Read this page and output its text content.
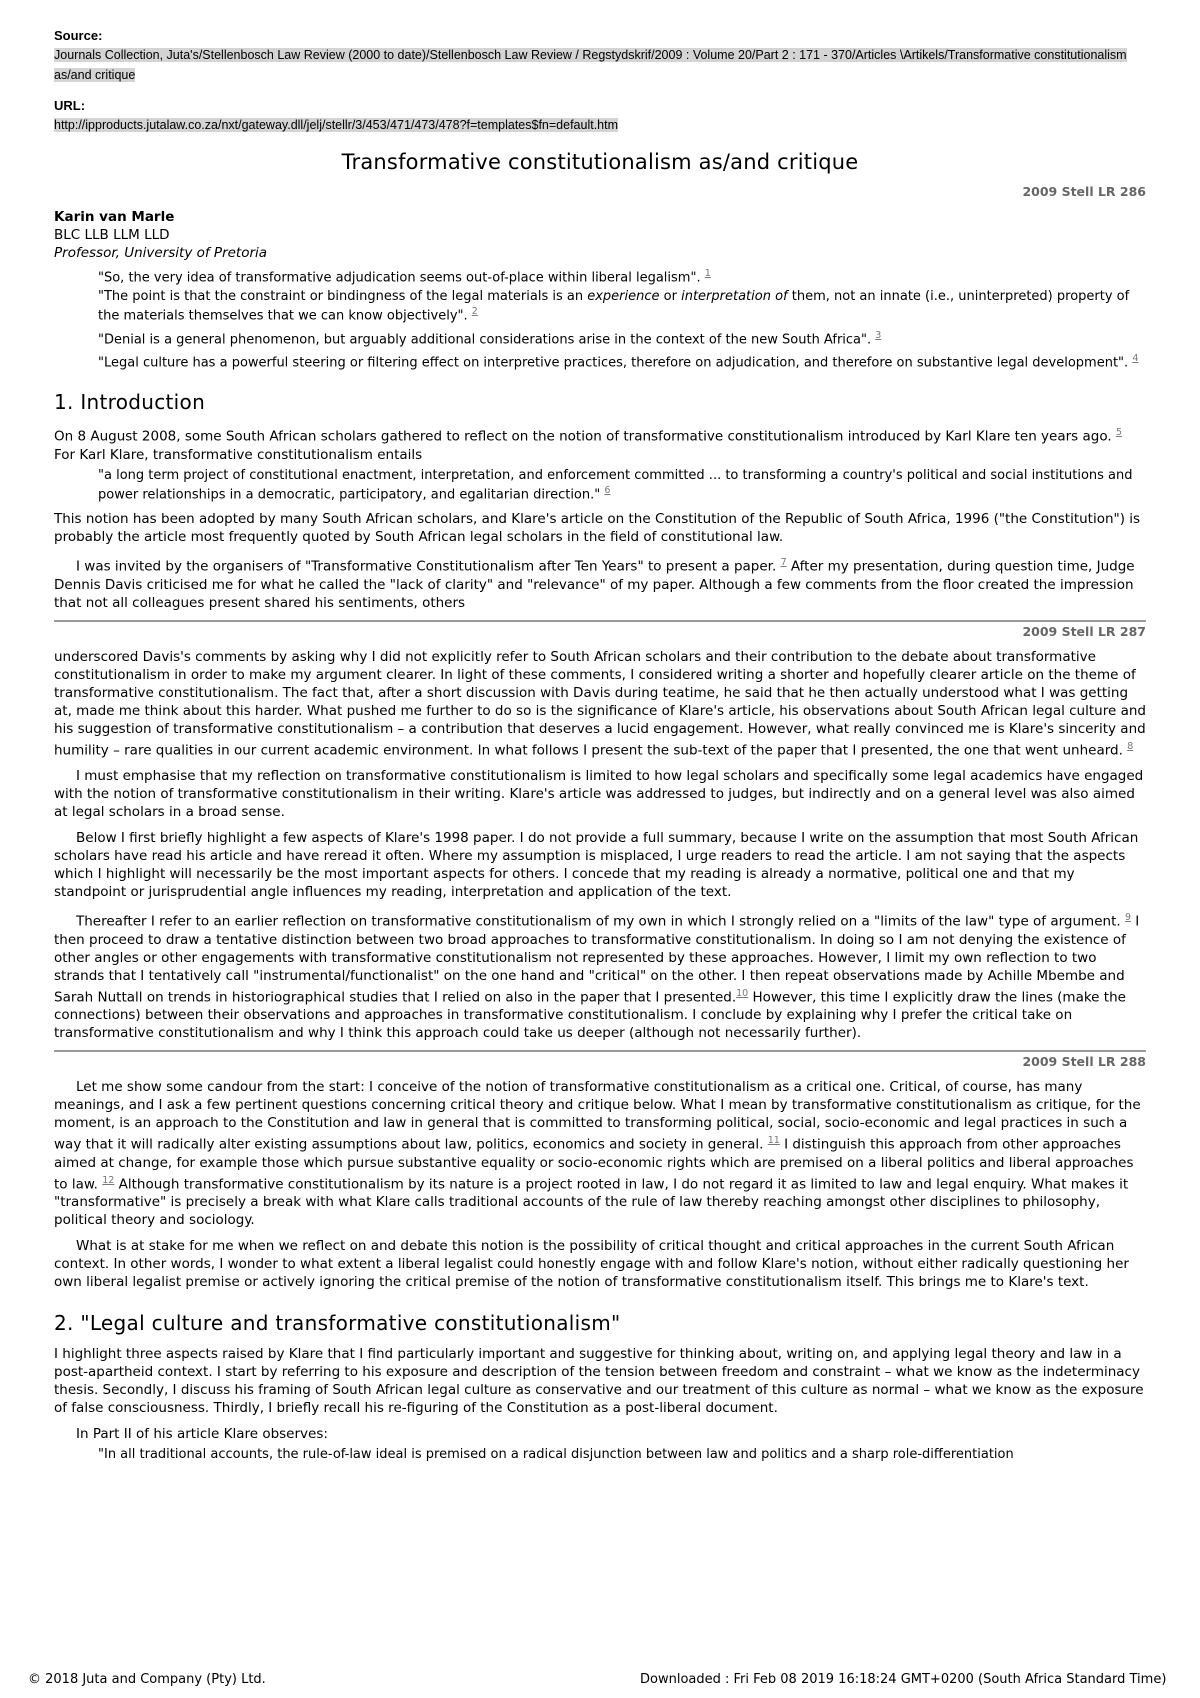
Source:
Journals Collection, Juta's/Stellenbosch Law Review (2000 to date)/Stellenbosch Law Review / Regstydskrif/2009 : Volume 20/Part 2 : 171 - 370/Articles \Artikels/Transformative constitutionalism as/and critique
URL:
http://ipproducts.jutalaw.co.za/nxt/gateway.dll/jelj/stellr/3/453/471/473/478?f=templates$fn=default.htm
Transformative constitutionalism as/and critique
2009 Stell LR 286
Karin van Marle
BLC LLB LLM LLD
Professor, University of Pretoria
"So, the very idea of transformative adjudication seems out-of-place within liberal legalism". $^1$
"The point is that the constraint or bindingness of the legal materials is an experience or interpretation of them, not an innate (i.e., uninterpreted) property of the materials themselves that we can know objectively". $^2$
"Denial is a general phenomenon, but arguably additional considerations arise in the context of the new South Africa". $^3$
"Legal culture has a powerful steering or filtering effect on interpretive practices, therefore on adjudication, and therefore on substantive legal development". $^4$
1. Introduction

On 8 August 2008, some South African scholars gathered to reflect on the notion of transformative constitutionalism introduced by Karl Klare ten years ago. $^5$ For Karl Klare, transformative constitutionalism entails

"a long term project of constitutional enactment, interpretation, and enforcement committed ... to transforming a country's political and social institutions and power relationships in a democratic, participatory, and egalitarian direction." $^6$

This notion has been adopted by many South African scholars, and Klare's article on the Constitution of the Republic of South Africa, 1996 ("the Constitution") is probably the article most frequently quoted by South African legal scholars in the field of constitutional law.

I was invited by the organisers of "Transformative Constitutionalism after Ten Years" to present a paper. $^7$ After my presentation, during question time, Judge Dennis Davis criticised me for what he called the "lack of clarity" and "relevance" of my paper. Although a few comments from the floor created the impression that not all colleagues present shared his sentiments, others

2009 Stell LR 287

underscored Davis's comments by asking why I did not explicitly refer to South African scholars and their contribution to the debate about transformative constitutionalism in order to make my argument clearer. In light of these comments, I considered writing a shorter and hopefully clearer article on the theme of transformative constitutionalism. The fact that, after a short discussion with Davis during teatime, he said that he then actually understood what I was getting at, made me think about this harder. What pushed me further to do so is the significance of Klare's article, his observations about South African legal culture and his suggestion of transformative constitutionalism – a contribution that deserves a lucid engagement. However, what really convinced me is Klare's sincerity and humility – rare qualities in our current academic environment. In what follows I present the sub-text of the paper that I presented, the one that went unheard. $^8$

I must emphasise that my reflection on transformative constitutionalism is limited to how legal scholars and specifically some legal academics have engaged with the notion of transformative constitutionalism in their writing. Klare's article was addressed to judges, but indirectly and on a general level was also aimed at legal scholars in a broad sense.

Below I first briefly highlight a few aspects of Klare's 1998 paper. I do not provide a full summary, because I write on the assumption that most South African scholars have read his article and have reread it often. Where my assumption is misplaced, I urge readers to read the article. I am not saying that the aspects which I highlight will necessarily be the most important aspects for others. I concede that my reading is already a normative, political one and that my standpoint or jurisprudential angle influences my reading, interpretation and application of the text.

Thereafter I refer to an earlier reflection on transformative constitutionalism of my own in which I strongly relied on a "limits of the law" type of argument. $^9$ I then proceed to draw a tentative distinction between two broad approaches to transformative constitutionalism. In doing so I am not denying the existence of other angles or other engagements with transformative constitutionalism not represented by these approaches. However, I limit my own reflection to two strands that I tentatively call "instrumental/functionalist" on the one hand and "critical" on the other. I then repeat observations made by Achille Mbembe and Sarah Nuttall on trends in historiographical studies that I relied on also in the paper that I presented.$^{10}$ However, this time I explicitly draw the lines (make the connections) between their observations and approaches in transformative constitutionalism. I conclude by explaining why I prefer the critical take on transformative constitutionalism and why I think this approach could take us deeper (although not necessarily further).

2009 Stell LR 288

Let me show some candour from the start: I conceive of the notion of transformative constitutionalism as a critical one. Critical, of course, has many meanings, and I ask a few pertinent questions concerning critical theory and critique below. What I mean by transformative constitutionalism as critique, for the moment, is an approach to the Constitution and law in general that is committed to transforming political, social, socio-economic and legal practices in such a way that it will radically alter existing assumptions about law, politics, economics and society in general. $^{11}$ I distinguish this approach from other approaches aimed at change, for example those which pursue substantive equality or socio-economic rights which are premised on a liberal politics and liberal approaches to law. $^{12}$ Although transformative constitutionalism by its nature is a project rooted in law, I do not regard it as limited to law and legal enquiry. What makes it "transformative" is precisely a break with what Klare calls traditional accounts of the rule of law thereby reaching amongst other disciplines to philosophy, political theory and sociology.

What is at stake for me when we reflect on and debate this notion is the possibility of critical thought and critical approaches in the current South African context. In other words, I wonder to what extent a liberal legalist could honestly engage with and follow Klare's notion, without either radically questioning her own liberal legalist premise or actively ignoring the critical premise of the notion of transformative constitutionalism itself. This brings me to Klare's text.

2. "Legal culture and transformative constitutionalism"

I highlight three aspects raised by Klare that I find particularly important and suggestive for thinking about, writing on, and applying legal theory and law in a post-apartheid context. I start by referring to his exposure and description of the tension between freedom and constraint – what we know as the indeterminacy thesis. Secondly, I discuss his framing of South African legal culture as conservative and our treatment of this culture as normal – what we know as the exposure of false consciousness. Thirdly, I briefly recall his re-figuring of the Constitution as a post-liberal document.

In Part II of his article Klare observes:

"In all traditional accounts, the rule-of-law ideal is premised on a radical disjunction between law and politics and a sharp role-differentiation
© 2018 Juta and Company (Pty) Ltd.	Downloaded : Fri Feb 08 2019 16:18:24 GMT+0200 (South Africa Standard Time)
